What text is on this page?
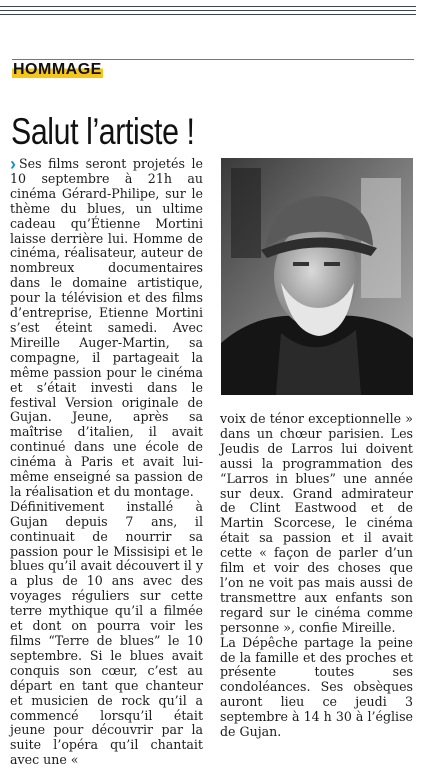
HOMMAGE
Salut l’artiste !

› Ses films seront projetés le 10 septembre à 21h au cinéma Gérard-Philipe, sur le thème du blues, un ultime cadeau qu’Étienne Mortini laisse derrière lui. Homme de cinéma, réalisateur, auteur de nombreux documentaires dans le domaine artistique, pour la télévision et des films d’entreprise, Etienne Mortini s’est éteint samedi. Avec Mireille Auger-Martin, sa compagne, il partageait la même passion pour le cinéma et s’était investi dans le festival Version originale de Gujan. Jeune, après sa maîtrise d’italien, il avait continué dans une école de cinéma à Paris et avait lui-même enseigné sa passion de la réalisation et du montage.

Définitivement installé à Gujan depuis 7 ans, il continuait de nourrir sa passion pour le Missisipi et le blues qu’il avait découvert il y a plus de 10 ans avec des voyages réguliers sur cette terre mythique qu’il a filmée et dont on pourra voir les films “Terre de blues” le 10 septembre. Si le blues avait conquis son cœur, c’est au départ en tant que chanteur et musicien de rock qu’il a commencé lorsqu’il était jeune pour découvrir par la suite l’opéra qu’il chantait avec une «

voix de ténor exceptionnelle » dans un chœur parisien. Les Jeudis de Larros lui doivent aussi la programmation des “Larros in blues” une année sur deux. Grand admirateur de Clint Eastwood et de Martin Scorcese, le cinéma était sa passion et il avait cette « façon de parler d’un film et voir des choses que l’on ne voit pas mais aussi de transmettre aux enfants son regard sur le cinéma comme personne », confie Mireille.

La Dépêche partage la peine de la famille et des proches et présente toutes ses condoléances. Ses obsèques auront lieu ce jeudi 3 septembre à 14 h 30 à l’église de Gujan.
